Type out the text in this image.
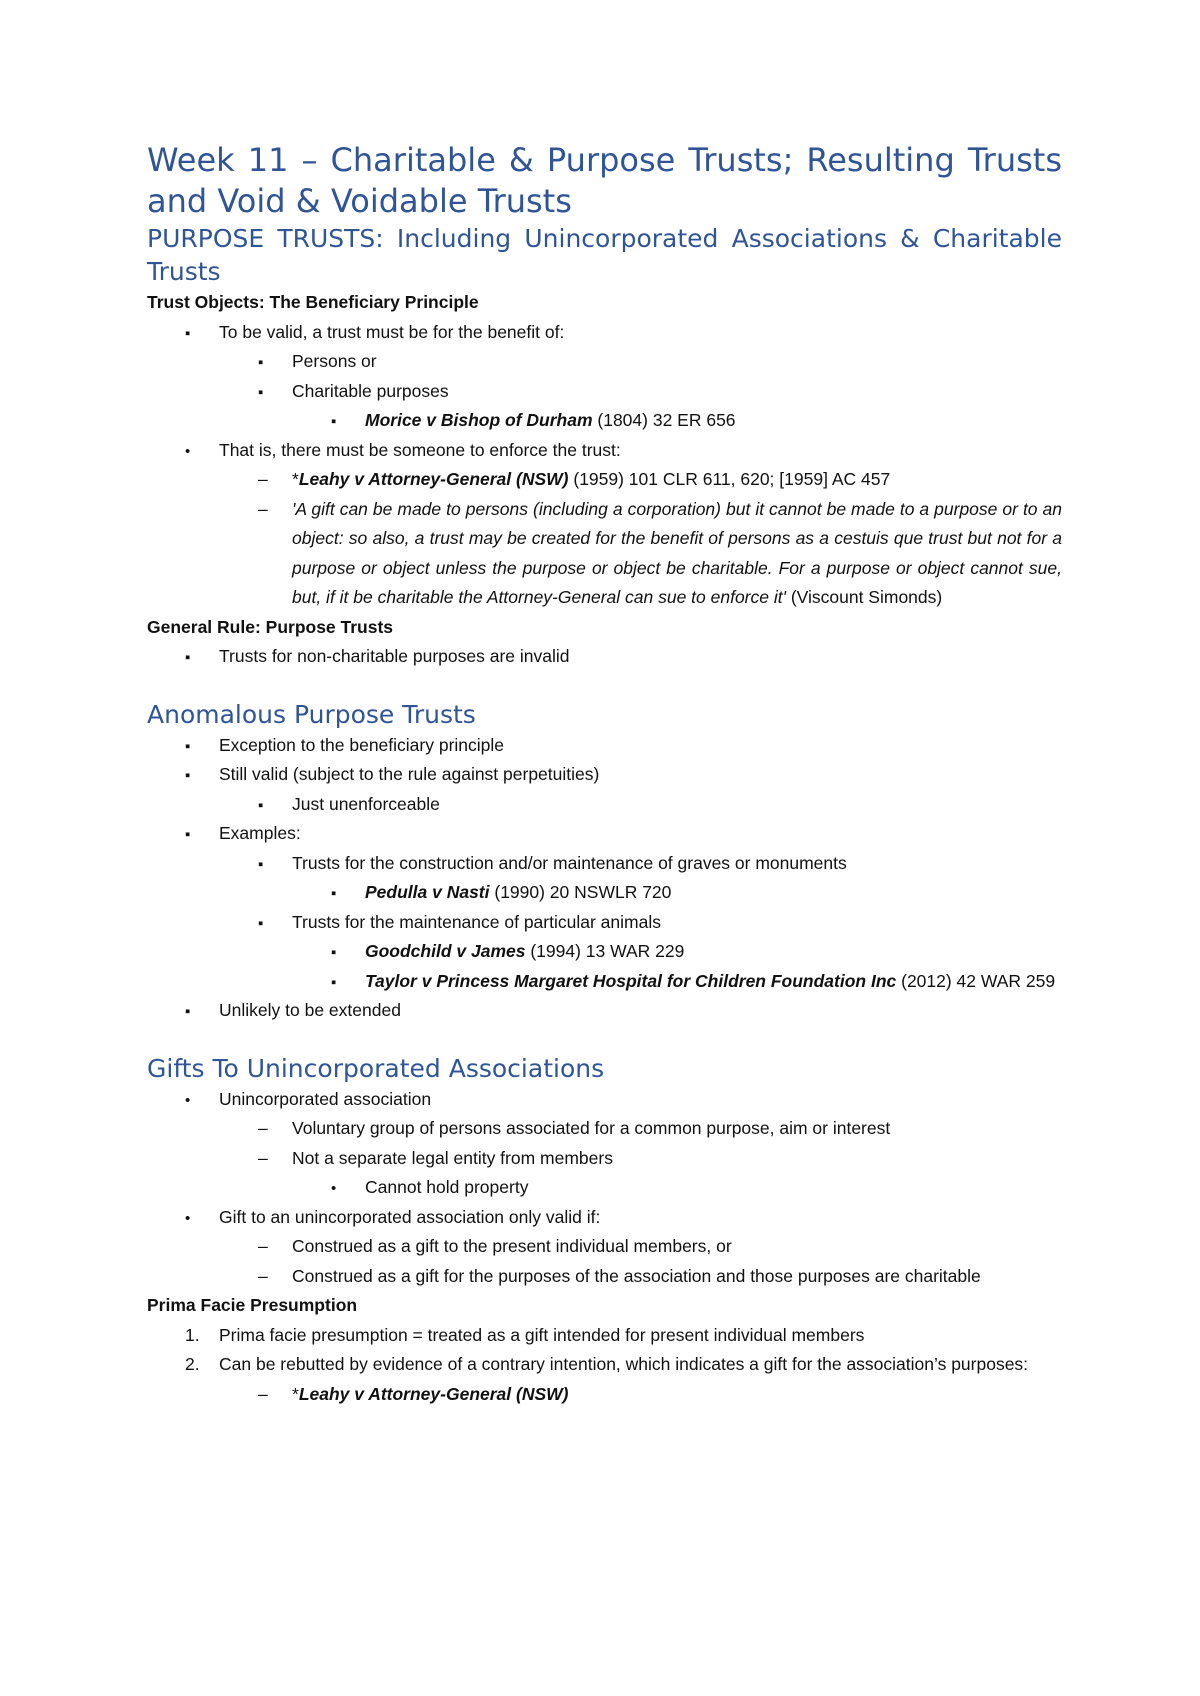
Week 11 – Charitable & Purpose Trusts; Resulting Trusts and Void & Voidable Trusts
PURPOSE TRUSTS: Including Unincorporated Associations & Charitable Trusts
Trust Objects: The Beneficiary Principle
▪
To be valid, a trust must be for the benefit of:
▪
Persons or
▪
Charitable purposes
▪
Morice v Bishop of Durham (1804) 32 ER 656
•
That is, there must be someone to enforce the trust:
–
*Leahy v Attorney-General (NSW) (1959) 101 CLR 611, 620; [1959] AC 457
–
'A gift can be made to persons (including a corporation) but it cannot be made to a purpose or to an object: so also, a trust may be created for the benefit of persons as a cestuis que trust but not for a purpose or object unless the purpose or object be charitable. For a purpose or object cannot sue, but, if it be charitable the Attorney-General can sue to enforce it' (Viscount Simonds)
General Rule: Purpose Trusts
▪
Trusts for non-charitable purposes are invalid
Anomalous Purpose Trusts
▪
Exception to the beneficiary principle
▪
Still valid (subject to the rule against perpetuities)
▪
Just unenforceable
▪
Examples:
▪
Trusts for the construction and/or maintenance of graves or monuments
▪
Pedulla v Nasti (1990) 20 NSWLR 720
▪
Trusts for the maintenance of particular animals
▪
Goodchild v James (1994) 13 WAR 229
▪
Taylor v Princess Margaret Hospital for Children Foundation Inc (2012) 42 WAR 259
▪
Unlikely to be extended
Gifts To Unincorporated Associations
•
Unincorporated association
–
Voluntary group of persons associated for a common purpose, aim or interest
–
Not a separate legal entity from members
•
Cannot hold property
•
Gift to an unincorporated association only valid if:
–
Construed as a gift to the present individual members, or
–
Construed as a gift for the purposes of the association and those purposes are charitable
Prima Facie Presumption
1.	Prima facie presumption = treated as a gift intended for present individual members
2.	Can be rebutted by evidence of a contrary intention, which indicates a gift for the association’s purposes:
–
*Leahy v Attorney-General (NSW)
